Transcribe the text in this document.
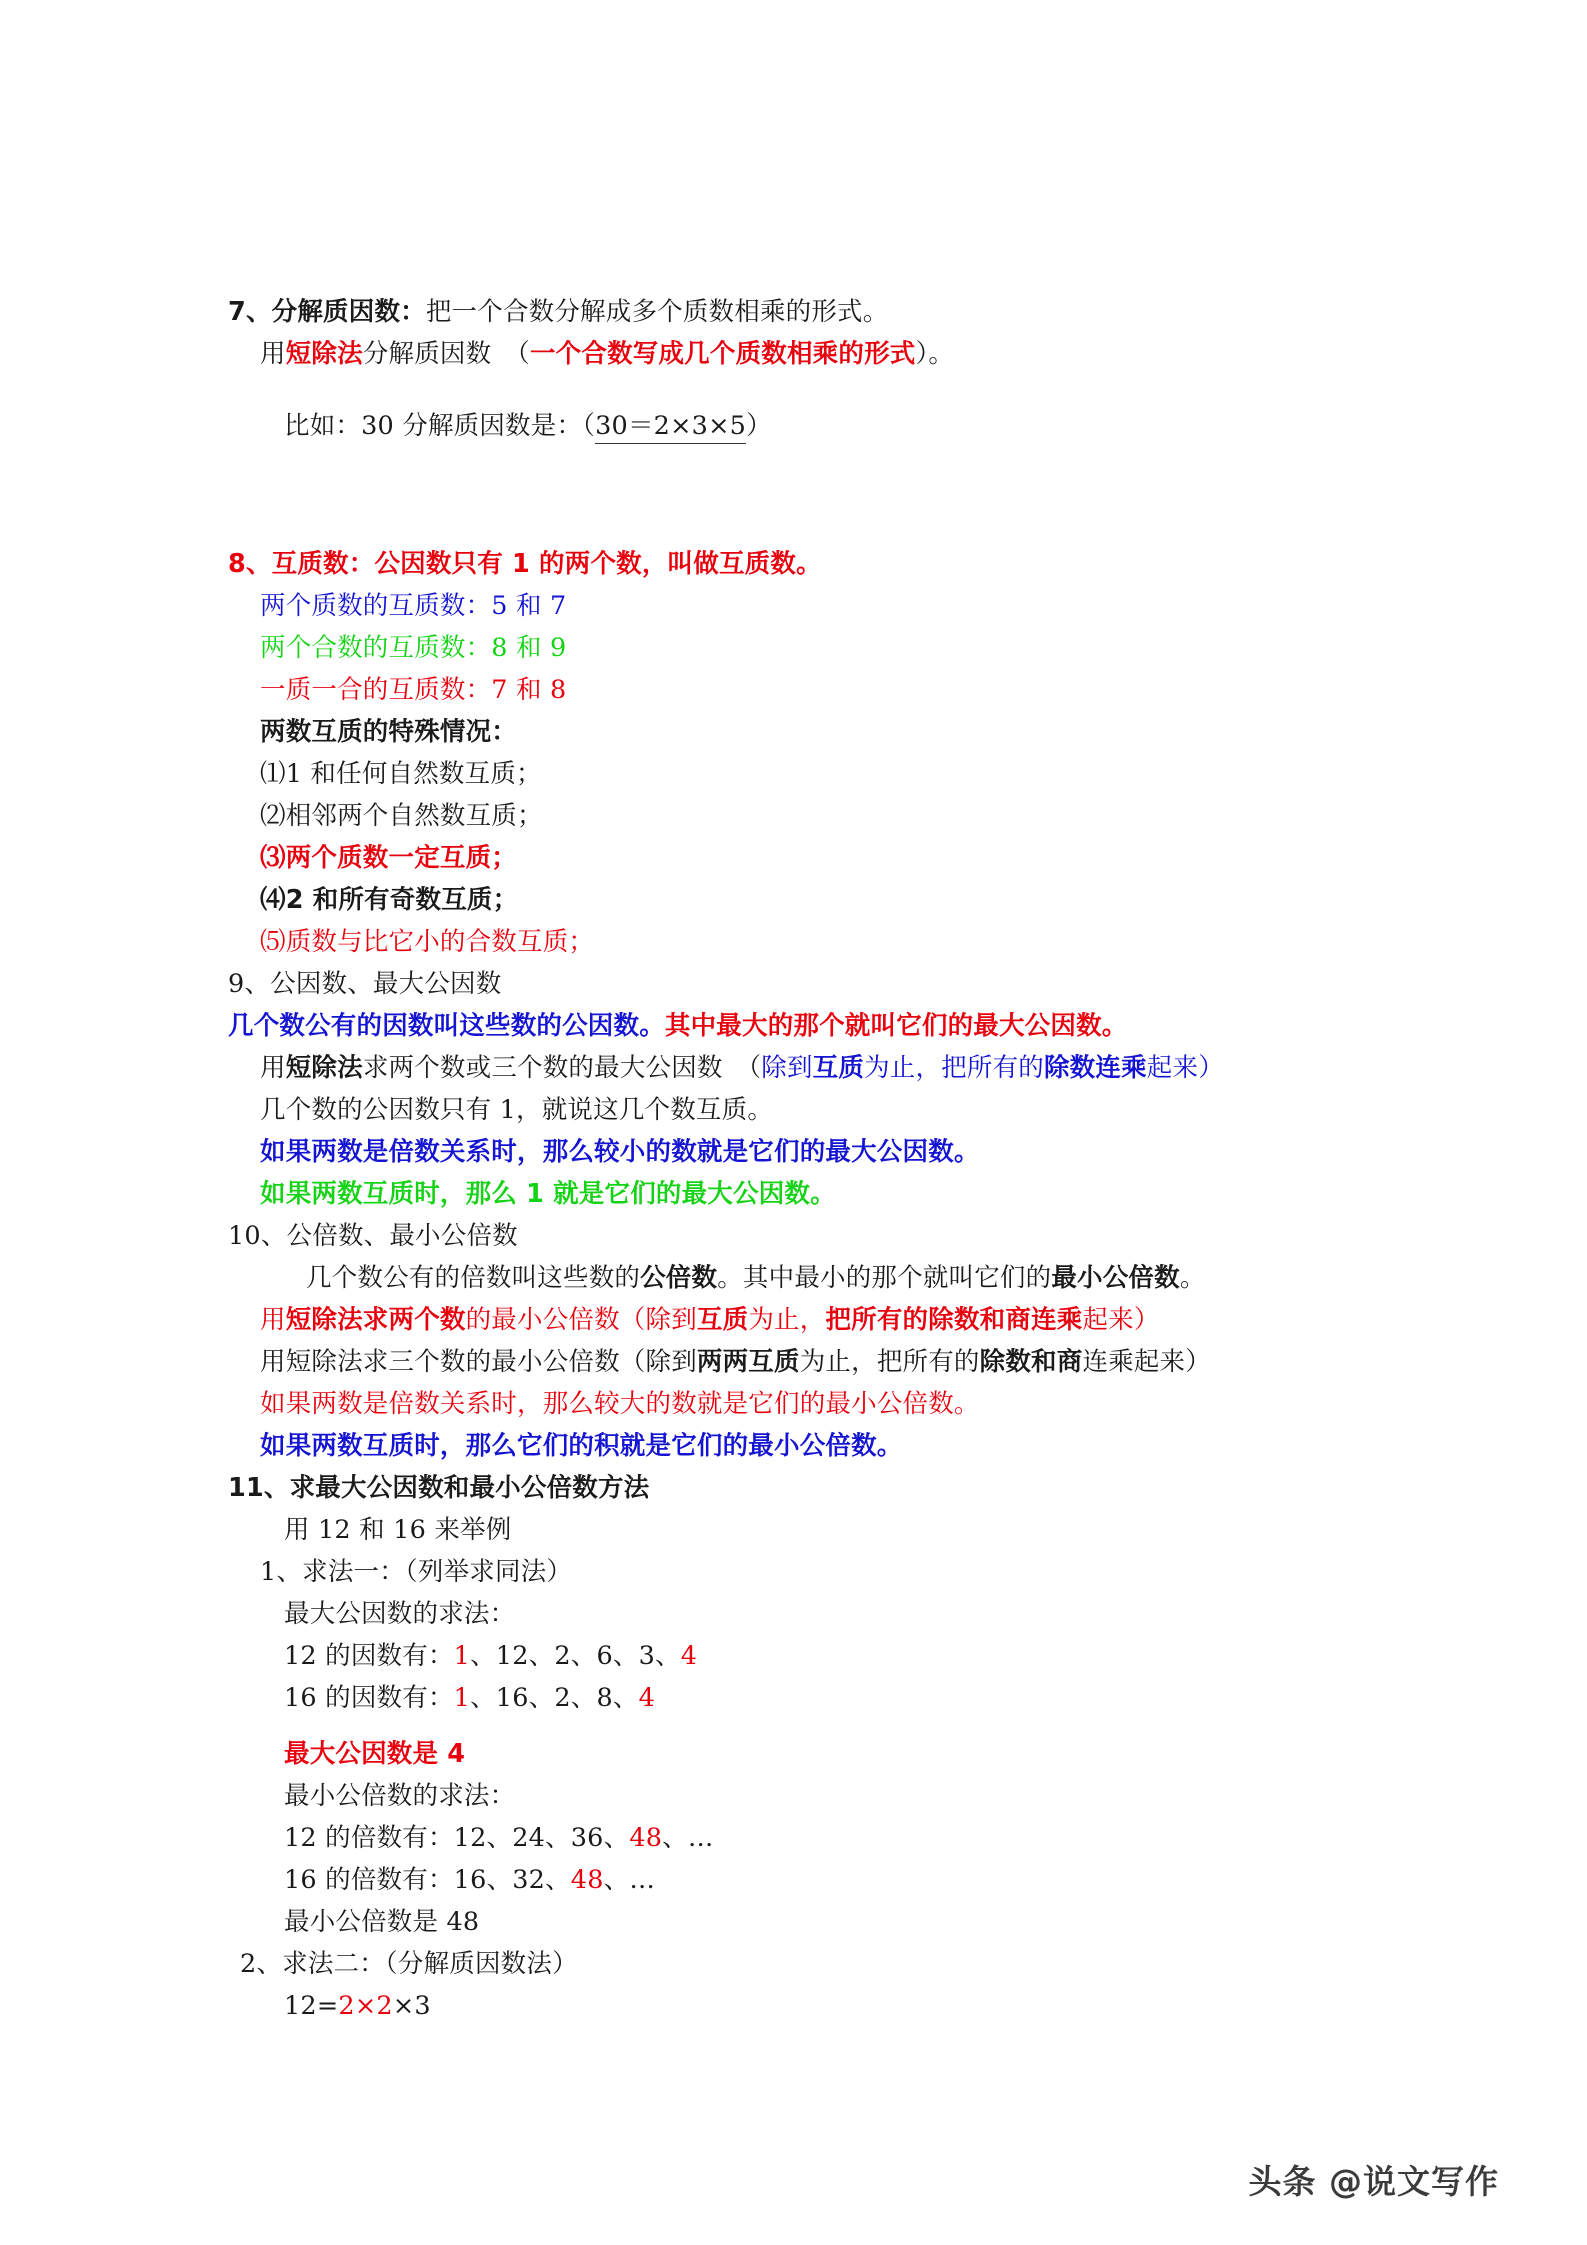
7、分解质因数：把一个合数分解成多个质数相乘的形式。
用短除法分解质因数　（一个合数写成几个质数相乘的形式）。
比如：30 分解质因数是：（30＝2×3×5）
8、互质数：公因数只有 1 的两个数，叫做互质数。
两个质数的互质数：5 和 7
两个合数的互质数：8 和 9
一质一合的互质数：7 和 8
两数互质的特殊情况：
⑴1 和任何自然数互质；
⑵相邻两个自然数互质；
⑶两个质数一定互质；
⑷2 和所有奇数互质；
⑸质数与比它小的合数互质；
9、公因数、最大公因数
几个数公有的因数叫这些数的公因数。其中最大的那个就叫它们的最大公因数。
用短除法求两个数或三个数的最大公因数　（除到互质为止，把所有的除数连乘起来）
几个数的公因数只有 1，就说这几个数互质。
如果两数是倍数关系时，那么较小的数就是它们的最大公因数。
如果两数互质时，那么 1 就是它们的最大公因数。
10、公倍数、最小公倍数
几个数公有的倍数叫这些数的公倍数。其中最小的那个就叫它们的最小公倍数。
用短除法求两个数的最小公倍数（除到互质为止，把所有的除数和商连乘起来）
用短除法求三个数的最小公倍数（除到两两互质为止，把所有的除数和商连乘起来）
如果两数是倍数关系时，那么较大的数就是它们的最小公倍数。
如果两数互质时，那么它们的积就是它们的最小公倍数。
11、求最大公因数和最小公倍数方法
用 12 和 16 来举例
1、求法一：（列举求同法）
最大公因数的求法：
12 的因数有：1、12、2、6、3、4
16 的因数有：1、16、2、8、4
最大公因数是 4
最小公倍数的求法：
12 的倍数有：12、24、36、48、…
16 的倍数有：16、32、48、…
最小公倍数是 48
2、求法二：（分解质因数法）
12=2×2×3
头条 @说文写作
